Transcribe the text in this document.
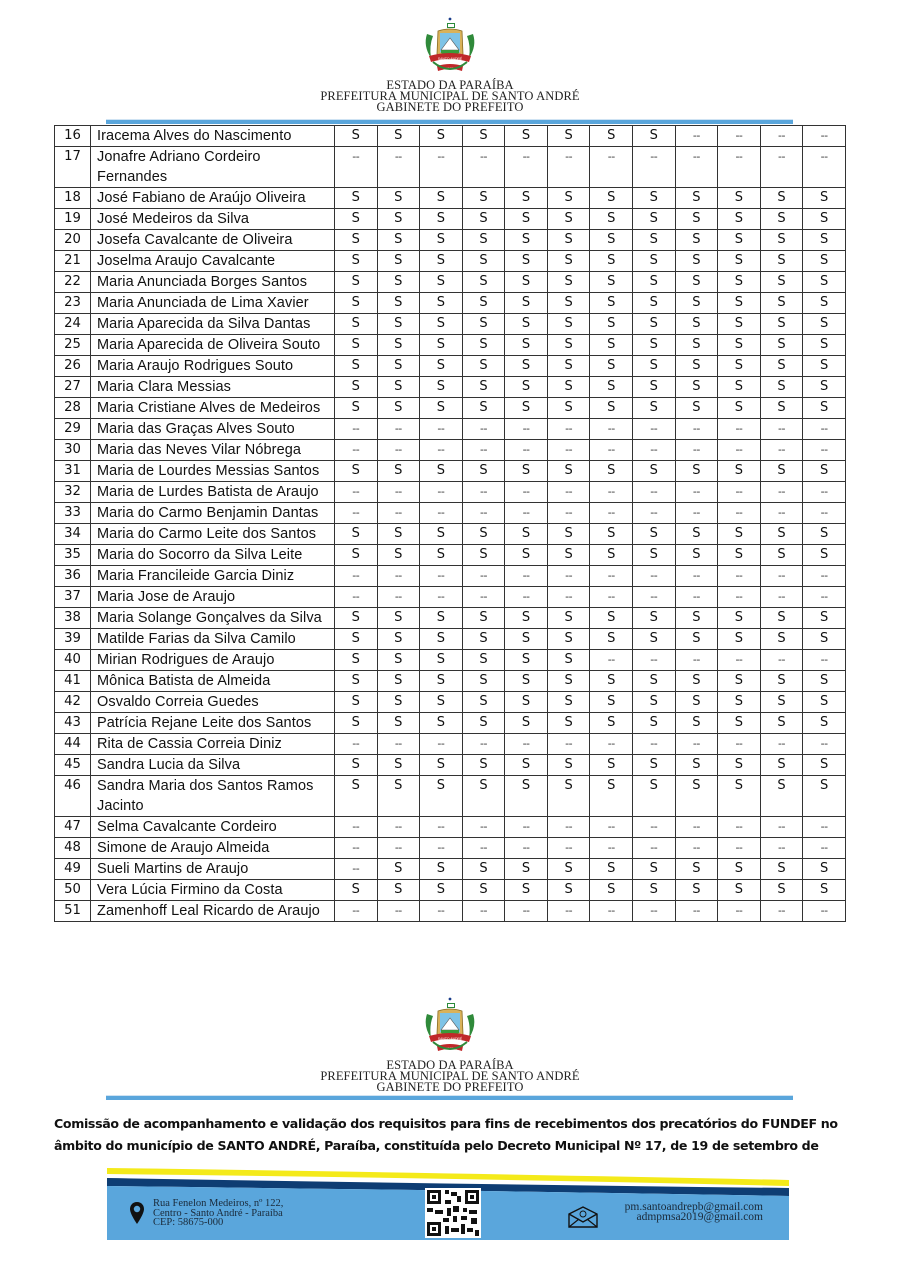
SANTO ANDRÉ
PARAÍBA
ESTADO DA PARAÍBA
PREFEITURA MUNICIPAL DE SANTO ANDRÉ
GABINETE DO PREFEITO
16	Iracema Alves do Nascimento	S	S	S	S	S	S	S	S	--	--	--	--
17	Jonafre Adriano Cordeiro Fernandes	--	--	--	--	--	--	--	--	--	--	--	--
18	José Fabiano de Araújo Oliveira	S	S	S	S	S	S	S	S	S	S	S	S
19	José Medeiros da Silva	S	S	S	S	S	S	S	S	S	S	S	S
20	Josefa Cavalcante de Oliveira	S	S	S	S	S	S	S	S	S	S	S	S
21	Joselma Araujo Cavalcante	S	S	S	S	S	S	S	S	S	S	S	S
22	Maria Anunciada Borges Santos	S	S	S	S	S	S	S	S	S	S	S	S
23	Maria Anunciada de Lima Xavier	S	S	S	S	S	S	S	S	S	S	S	S
24	Maria Aparecida da Silva Dantas	S	S	S	S	S	S	S	S	S	S	S	S
25	Maria Aparecida de Oliveira Souto	S	S	S	S	S	S	S	S	S	S	S	S
26	Maria Araujo Rodrigues Souto	S	S	S	S	S	S	S	S	S	S	S	S
27	Maria Clara Messias	S	S	S	S	S	S	S	S	S	S	S	S
28	Maria Cristiane Alves de Medeiros	S	S	S	S	S	S	S	S	S	S	S	S
29	Maria das Graças Alves Souto	--	--	--	--	--	--	--	--	--	--	--	--
30	Maria das Neves Vilar Nóbrega	--	--	--	--	--	--	--	--	--	--	--	--
31	Maria de Lourdes Messias Santos	S	S	S	S	S	S	S	S	S	S	S	S
32	Maria de Lurdes Batista de Araujo	--	--	--	--	--	--	--	--	--	--	--	--
33	Maria do Carmo Benjamin Dantas	--	--	--	--	--	--	--	--	--	--	--	--
34	Maria do Carmo Leite dos Santos	S	S	S	S	S	S	S	S	S	S	S	S
35	Maria do Socorro da Silva Leite	S	S	S	S	S	S	S	S	S	S	S	S
36	Maria Francileide Garcia Diniz	--	--	--	--	--	--	--	--	--	--	--	--
37	Maria Jose de Araujo	--	--	--	--	--	--	--	--	--	--	--	--
38	Maria Solange Gonçalves da Silva	S	S	S	S	S	S	S	S	S	S	S	S
39	Matilde Farias da Silva Camilo	S	S	S	S	S	S	S	S	S	S	S	S
40	Mirian Rodrigues de Araujo	S	S	S	S	S	S	--	--	--	--	--	--
41	Mônica Batista de Almeida	S	S	S	S	S	S	S	S	S	S	S	S
42	Osvaldo Correia Guedes	S	S	S	S	S	S	S	S	S	S	S	S
43	Patrícia Rejane Leite dos Santos	S	S	S	S	S	S	S	S	S	S	S	S
44	Rita de Cassia Correia Diniz	--	--	--	--	--	--	--	--	--	--	--	--
45	Sandra Lucia da Silva	S	S	S	S	S	S	S	S	S	S	S	S
46	Sandra Maria dos Santos Ramos Jacinto	S	S	S	S	S	S	S	S	S	S	S	S
47	Selma Cavalcante Cordeiro	--	--	--	--	--	--	--	--	--	--	--	--
48	Simone de Araujo Almeida	--	--	--	--	--	--	--	--	--	--	--	--
49	Sueli Martins de Araujo	--	S	S	S	S	S	S	S	S	S	S	S
50	Vera Lúcia Firmino da Costa	S	S	S	S	S	S	S	S	S	S	S	S
51	Zamenhoff Leal Ricardo de Araujo	--	--	--	--	--	--	--	--	--	--	--	--
SANTO ANDRÉ
PARAÍBA
ESTADO DA PARAÍBA
PREFEITURA MUNICIPAL DE SANTO ANDRÉ
GABINETE DO PREFEITO
Comissão de acompanhamento e validação dos requisitos para fins de recebimentos dos precatórios do FUNDEF no âmbito do município de SANTO ANDRÉ, Paraíba, constituída pelo Decreto Municipal Nº 17, de 19 de setembro de
Rua Fenelon Medeiros, nº 122,
Centro - Santo André - Paraíba
CEP: 58675-000
pm.santoandrepb@gmail.com
admpmsa2019@gmail.com
